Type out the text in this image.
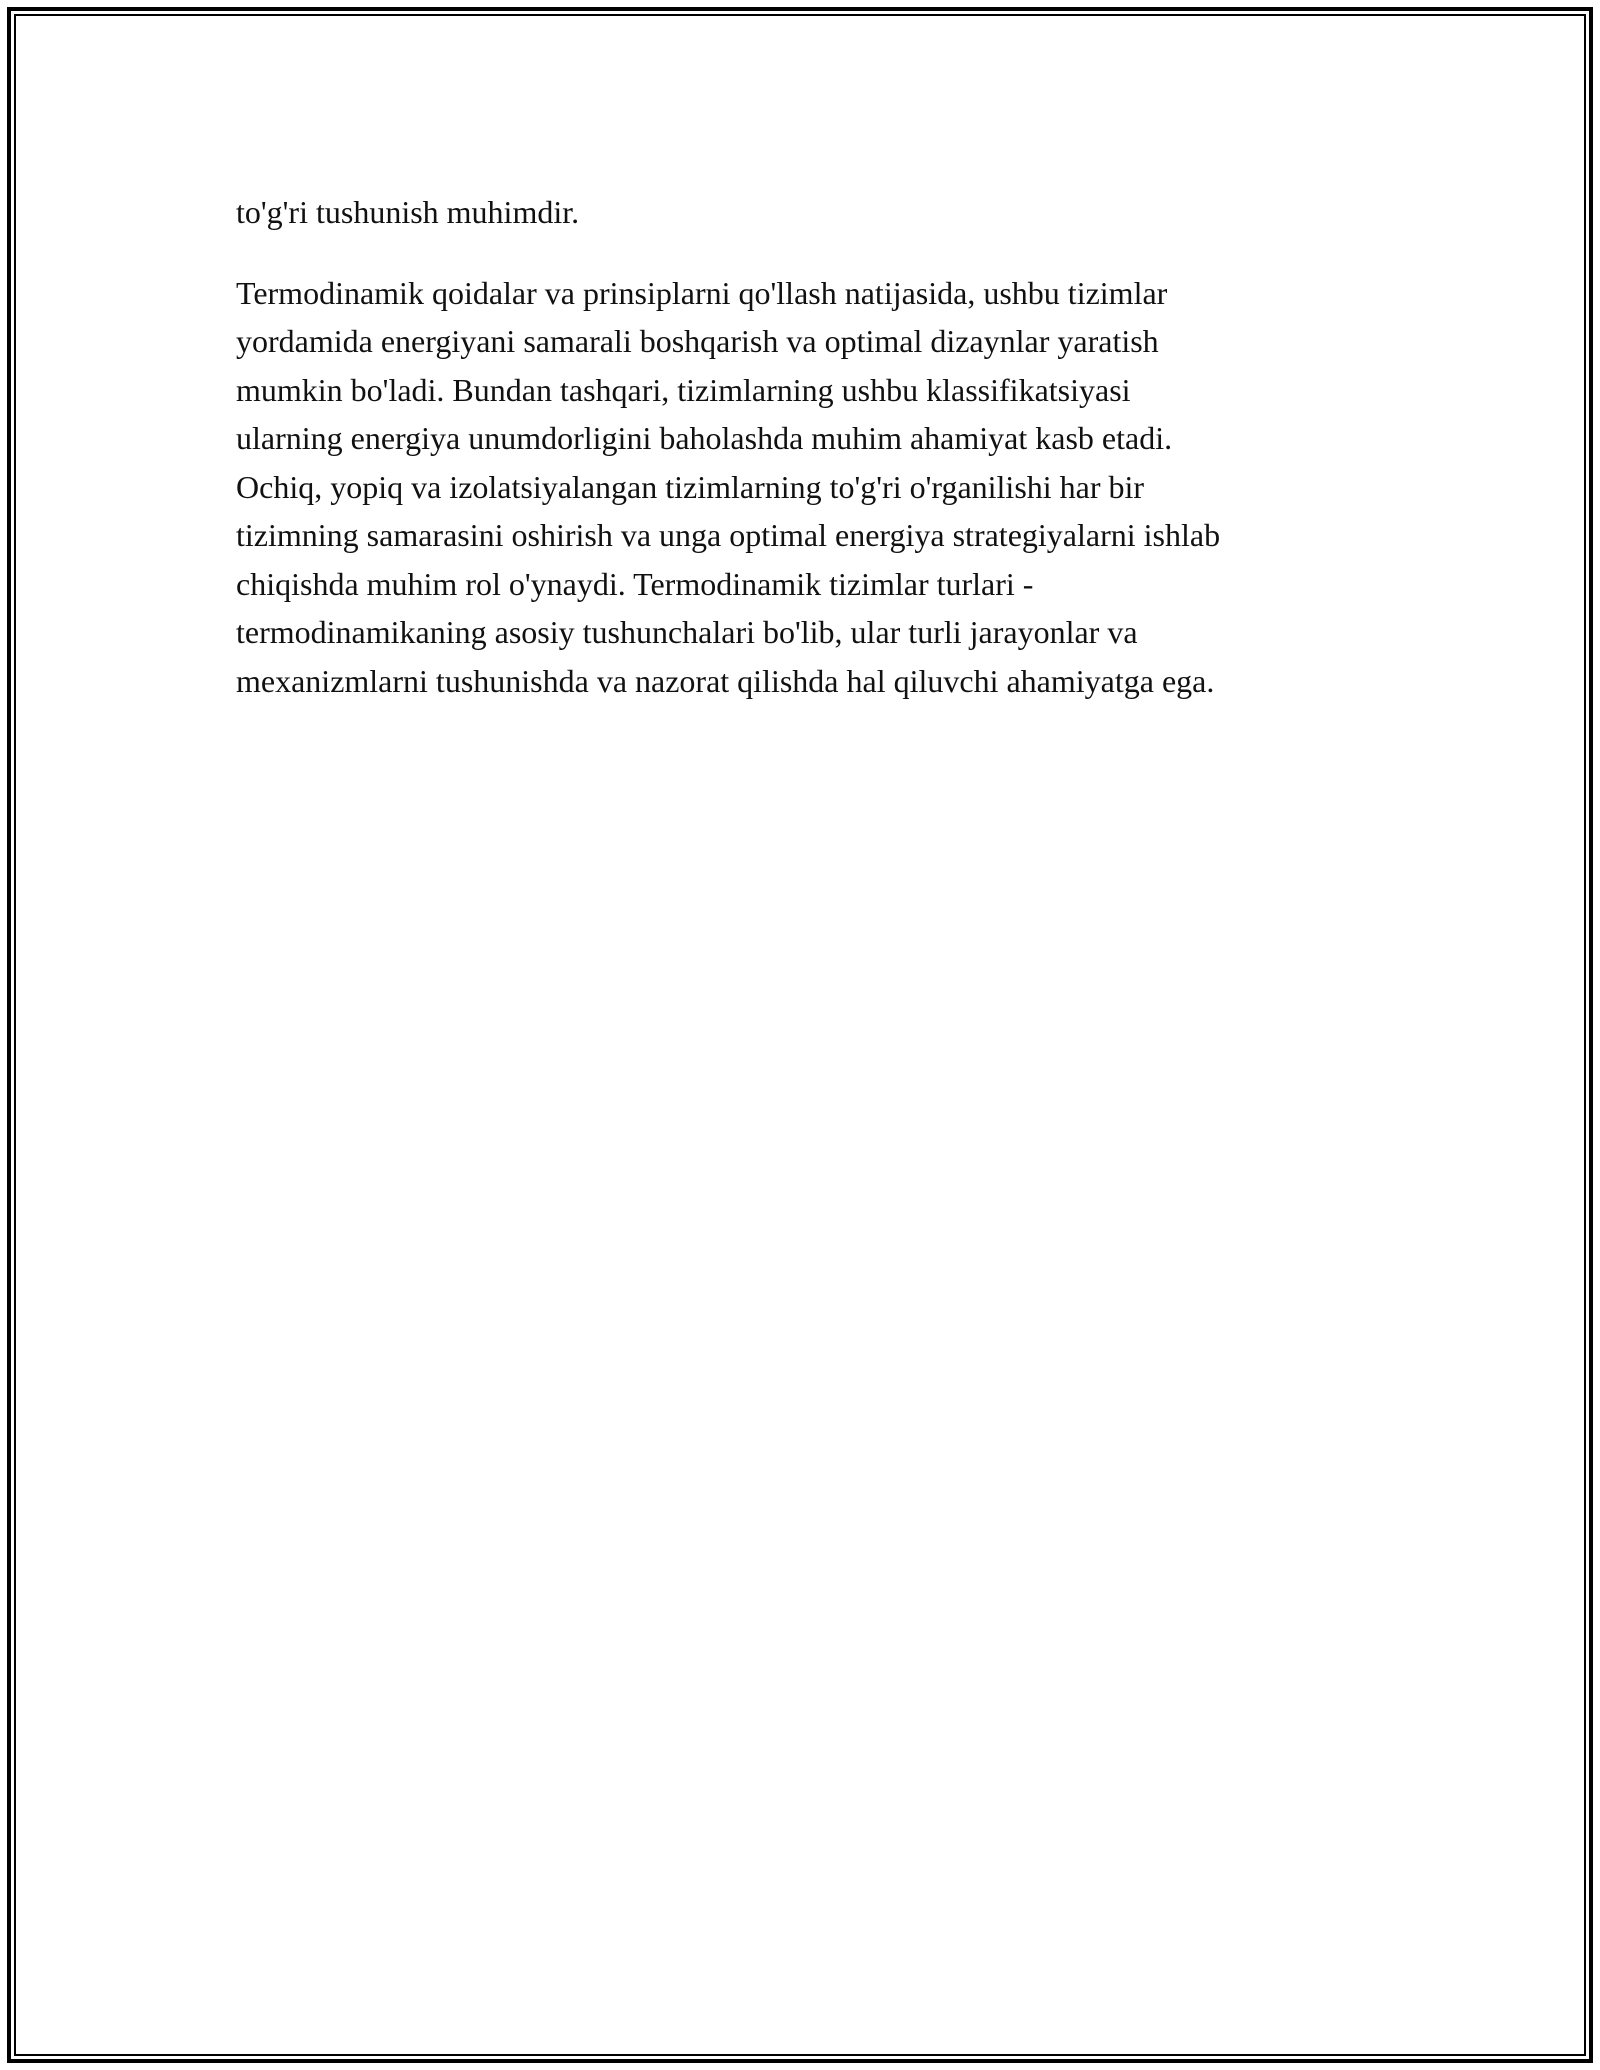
to'g'ri tushunish muhimdir.

Termodinamik qoidalar va prinsiplarni qo'llash natijasida, ushbu tizimlar
yordamida energiyani samarali boshqarish va optimal dizaynlar yaratish
mumkin bo'ladi. Bundan tashqari, tizimlarning ushbu klassifikatsiyasi
ularning energiya unumdorligini baholashda muhim ahamiyat kasb etadi.
Ochiq, yopiq va izolatsiyalangan tizimlarning to'g'ri o'rganilishi har bir
tizimning samarasini oshirish va unga optimal energiya strategiyalarni ishlab
chiqishda muhim rol o'ynaydi. Termodinamik tizimlar turlari -
termodinamikaning asosiy tushunchalari bo'lib, ular turli jarayonlar va
mexanizmlarni tushunishda va nazorat qilishda hal qiluvchi ahamiyatga ega.
